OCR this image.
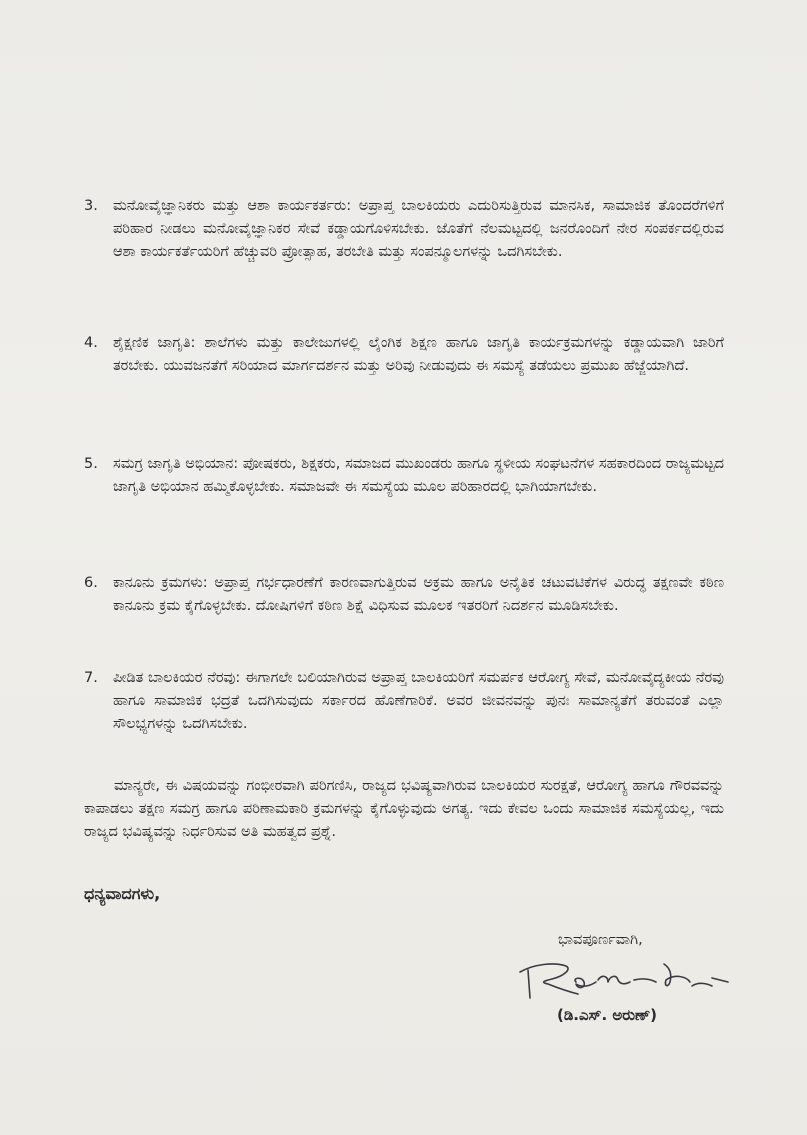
3.	ಮನೋವೈಜ್ಞಾನಿಕರು ಮತ್ತು ಆಶಾ ಕಾರ್ಯಕರ್ತರು: ಅಪ್ರಾಪ್ತ ಬಾಲಕಿಯರು ಎದುರಿಸುತ್ತಿರುವ ಮಾನಸಿಕ, ಸಾಮಾಜಿಕ ತೊಂದರೆಗಳಿಗೆ ಪರಿಹಾರ ನೀಡಲು ಮನೋವೈಜ್ಞಾನಿಕರ ಸೇವೆ ಕಡ್ಡಾಯಗೊಳಿಸಬೇಕು. ಜೊತೆಗೆ ನೆಲಮಟ್ಟದಲ್ಲಿ ಜನರೊಂದಿಗೆ ನೇರ ಸಂಪರ್ಕದಲ್ಲಿರುವ ಆಶಾ ಕಾರ್ಯಕರ್ತೆಯರಿಗೆ ಹೆಚ್ಚುವರಿ ಪ್ರೋತ್ಸಾಹ, ತರಬೇತಿ ಮತ್ತು ಸಂಪನ್ಮೂಲಗಳನ್ನು ಒದಗಿಸಬೇಕು.
4.	ಶೈಕ್ಷಣಿಕ ಜಾಗೃತಿ: ಶಾಲೆಗಳು ಮತ್ತು ಕಾಲೇಜುಗಳಲ್ಲಿ ಲೈಂಗಿಕ ಶಿಕ್ಷಣ ಹಾಗೂ ಜಾಗೃತಿ ಕಾರ್ಯಕ್ರಮಗಳನ್ನು ಕಡ್ಡಾಯವಾಗಿ ಜಾರಿಗೆ ತರಬೇಕು. ಯುವಜನತೆಗೆ ಸರಿಯಾದ ಮಾರ್ಗದರ್ಶನ ಮತ್ತು ಅರಿವು ನೀಡುವುದು ಈ ಸಮಸ್ಯೆ ತಡೆಯಲು ಪ್ರಮುಖ ಹೆಜ್ಜೆಯಾಗಿದೆ.
5.	ಸಮಗ್ರ ಜಾಗೃತಿ ಅಭಿಯಾನ: ಪೋಷಕರು, ಶಿಕ್ಷಕರು, ಸಮಾಜದ ಮುಖಂಡರು ಹಾಗೂ ಸ್ಥಳೀಯ ಸಂಘಟನೆಗಳ ಸಹಕಾರದಿಂದ ರಾಜ್ಯಮಟ್ಟದ ಜಾಗೃತಿ ಅಭಿಯಾನ ಹಮ್ಮಿಕೊಳ್ಳಬೇಕು. ಸಮಾಜವೇ ಈ ಸಮಸ್ಯೆಯ ಮೂಲ ಪರಿಹಾರದಲ್ಲಿ ಭಾಗಿಯಾಗಬೇಕು.
6.	ಕಾನೂನು ಕ್ರಮಗಳು: ಅಪ್ರಾಪ್ತ ಗರ್ಭಧಾರಣೆಗೆ ಕಾರಣವಾಗುತ್ತಿರುವ ಅಕ್ರಮ ಹಾಗೂ ಅನೈತಿಕ ಚಟುವಟಿಕೆಗಳ ವಿರುದ್ಧ ತಕ್ಷಣವೇ ಕಠಿಣ ಕಾನೂನು ಕ್ರಮ ಕೈಗೊಳ್ಳಬೇಕು. ದೋಷಿಗಳಿಗೆ ಕಠಿಣ ಶಿಕ್ಷೆ ವಿಧಿಸುವ ಮೂಲಕ ಇತರರಿಗೆ ನಿದರ್ಶನ ಮೂಡಿಸಬೇಕು.
7.	ಪೀಡಿತ ಬಾಲಕಿಯರ ನೆರವು: ಈಗಾಗಲೇ ಬಲಿಯಾಗಿರುವ ಅಪ್ರಾಪ್ತ ಬಾಲಕಿಯರಿಗೆ ಸಮರ್ಪಕ ಆರೋಗ್ಯ ಸೇವೆ, ಮನೋವೈದ್ಯಕೀಯ ನೆರವು ಹಾಗೂ ಸಾಮಾಜಿಕ ಭದ್ರತೆ ಒದಗಿಸುವುದು ಸರ್ಕಾರದ ಹೊಣೆಗಾರಿಕೆ. ಅವರ ಜೀವನವನ್ನು ಪುನಃ ಸಾಮಾನ್ಯತೆಗೆ ತರುವಂತೆ ಎಲ್ಲಾ ಸೌಲಭ್ಯಗಳನ್ನು ಒದಗಿಸಬೇಕು.
ಮಾನ್ಯರೇ, ಈ ವಿಷಯವನ್ನು ಗಂಭೀರವಾಗಿ ಪರಿಗಣಿಸಿ, ರಾಜ್ಯದ ಭವಿಷ್ಯವಾಗಿರುವ ಬಾಲಕಿಯರ ಸುರಕ್ಷತೆ, ಆರೋಗ್ಯ ಹಾಗೂ ಗೌರವವನ್ನು ಕಾಪಾಡಲು ತಕ್ಷಣ ಸಮಗ್ರ ಹಾಗೂ ಪರಿಣಾಮಕಾರಿ ಕ್ರಮಗಳನ್ನು ಕೈಗೊಳ್ಳುವುದು ಅಗತ್ಯ. ಇದು ಕೇವಲ ಒಂದು ಸಾಮಾಜಿಕ ಸಮಸ್ಯೆಯಲ್ಲ, ಇದು ರಾಜ್ಯದ ಭವಿಷ್ಯವನ್ನು ನಿರ್ಧರಿಸುವ ಅತಿ ಮಹತ್ವದ ಪ್ರಶ್ನೆ.
ಧನ್ಯವಾದಗಳು,
ಭಾವಪೂರ್ಣವಾಗಿ,
(ಡಿ.ಎಸ್. ಅರುಣ್)
